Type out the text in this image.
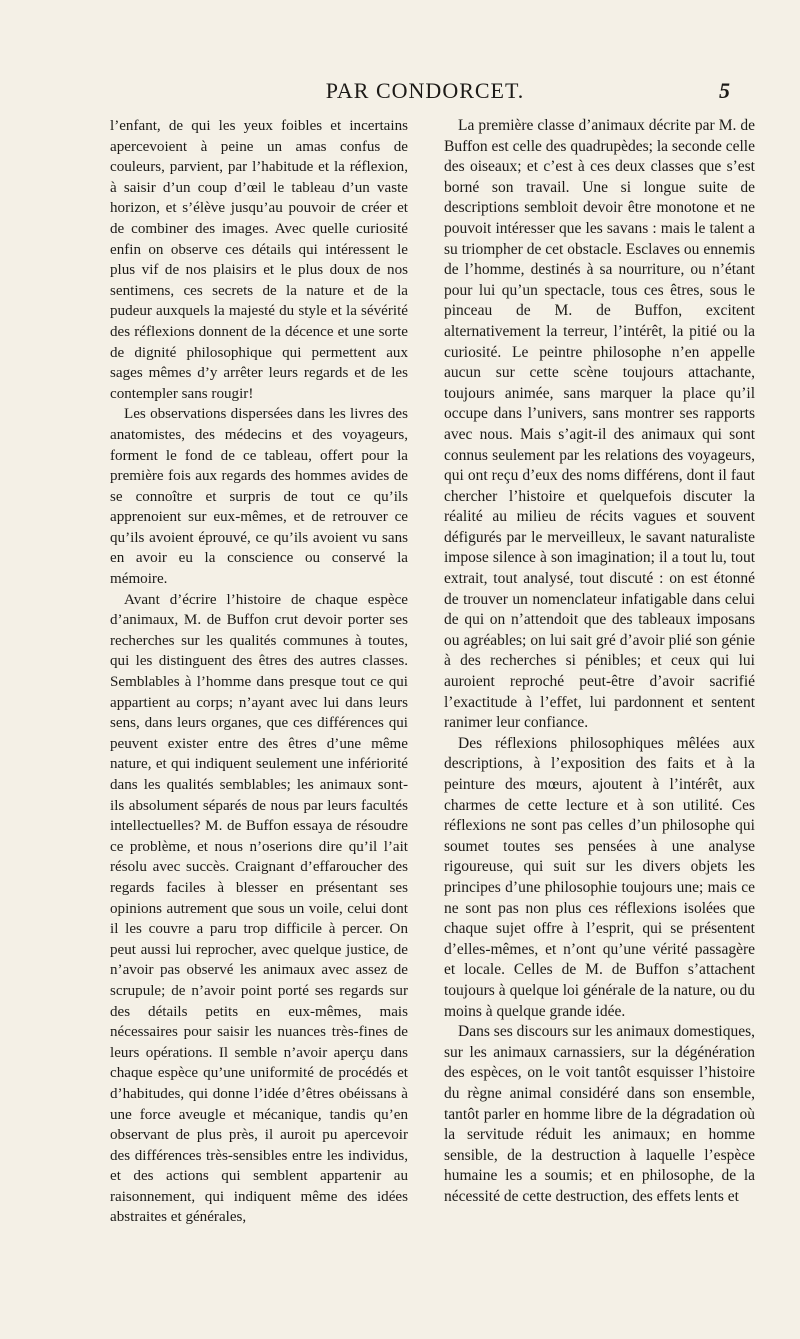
PAR CONDORCET.	5

l’enfant, de qui les yeux foibles et incertains apercevoient à peine un amas confus de couleurs, parvient, par l’habitude et la réflexion, à saisir d’un coup d’œil le tableau d’un vaste horizon, et s’élève jusqu’au pouvoir de créer et de combiner des images. Avec quelle curiosité enfin on observe ces détails qui intéressent le plus vif de nos plaisirs et le plus doux de nos sentimens, ces secrets de la nature et de la pudeur auxquels la majesté du style et la sévérité des réflexions donnent de la décence et une sorte de dignité philosophique qui permettent aux sages mêmes d’y arrêter leurs regards et de les contempler sans rougir!

Les observations dispersées dans les livres des anatomistes, des médecins et des voyageurs, forment le fond de ce tableau, offert pour la première fois aux regards des hommes avides de se connoître et surpris de tout ce qu’ils apprenoient sur eux-mêmes, et de retrouver ce qu’ils avoient éprouvé, ce qu’ils avoient vu sans en avoir eu la conscience ou conservé la mémoire.

Avant d’écrire l’histoire de chaque espèce d’animaux, M. de Buffon crut devoir porter ses recherches sur les qualités communes à toutes, qui les distinguent des êtres des autres classes. Semblables à l’homme dans presque tout ce qui appartient au corps; n’ayant avec lui dans leurs sens, dans leurs organes, que ces différences qui peuvent exister entre des êtres d’une même nature, et qui indiquent seulement une infériorité dans les qualités semblables; les animaux sont-ils absolument séparés de nous par leurs facultés intellectuelles? M. de Buffon essaya de résoudre ce problème, et nous n’oserions dire qu’il l’ait résolu avec succès. Craignant d’effaroucher des regards faciles à blesser en présentant ses opinions autrement que sous un voile, celui dont il les couvre a paru trop difficile à percer. On peut aussi lui reprocher, avec quelque justice, de n’avoir pas observé les animaux avec assez de scrupule; de n’avoir point porté ses regards sur des détails petits en eux-mêmes, mais nécessaires pour saisir les nuances très-fines de leurs opérations. Il semble n’avoir aperçu dans chaque espèce qu’une uniformité de procédés et d’habitudes, qui donne l’idée d’êtres obéissans à une force aveugle et mécanique, tandis qu’en observant de plus près, il auroit pu apercevoir des différences très-sensibles entre les individus, et des actions qui semblent appartenir au raisonnement, qui indiquent même des idées abstraites et générales,

La première classe d’animaux décrite par M. de Buffon est celle des quadrupèdes; la seconde celle des oiseaux; et c’est à ces deux classes que s’est borné son travail. Une si longue suite de descriptions sembloit devoir être monotone et ne pouvoit intéresser que les savans : mais le talent a su triompher de cet obstacle. Esclaves ou ennemis de l’homme, destinés à sa nourriture, ou n’étant pour lui qu’un spectacle, tous ces êtres, sous le pinceau de M. de Buffon, excitent alternativement la terreur, l’intérêt, la pitié ou la curiosité. Le peintre philosophe n’en appelle aucun sur cette scène toujours attachante, toujours animée, sans marquer la place qu’il occupe dans l’univers, sans montrer ses rapports avec nous. Mais s’agit-il des animaux qui sont connus seulement par les relations des voyageurs, qui ont reçu d’eux des noms différens, dont il faut chercher l’histoire et quelquefois discuter la réalité au milieu de récits vagues et souvent défigurés par le merveilleux, le savant naturaliste impose silence à son imagination; il a tout lu, tout extrait, tout analysé, tout discuté : on est étonné de trouver un nomenclateur infatigable dans celui de qui on n’attendoit que des tableaux imposans ou agréables; on lui sait gré d’avoir plié son génie à des recherches si pénibles; et ceux qui lui auroient reproché peut-être d’avoir sacrifié l’exactitude à l’effet, lui pardonnent et sentent ranimer leur confiance.

Des réflexions philosophiques mêlées aux descriptions, à l’exposition des faits et à la peinture des mœurs, ajoutent à l’intérêt, aux charmes de cette lecture et à son utilité. Ces réflexions ne sont pas celles d’un philosophe qui soumet toutes ses pensées à une analyse rigoureuse, qui suit sur les divers objets les principes d’une philosophie toujours une; mais ce ne sont pas non plus ces réflexions isolées que chaque sujet offre à l’esprit, qui se présentent d’elles-mêmes, et n’ont qu’une vérité passagère et locale. Celles de M. de Buffon s’attachent toujours à quelque loi générale de la nature, ou du moins à quelque grande idée.

Dans ses discours sur les animaux domestiques, sur les animaux carnassiers, sur la dégénération des espèces, on le voit tantôt esquisser l’histoire du règne animal considéré dans son ensemble, tantôt parler en homme libre de la dégradation où la servitude réduit les animaux; en homme sensible, de la destruction à laquelle l’espèce humaine les a soumis; et en philosophe, de la nécessité de cette destruction, des effets lents et
